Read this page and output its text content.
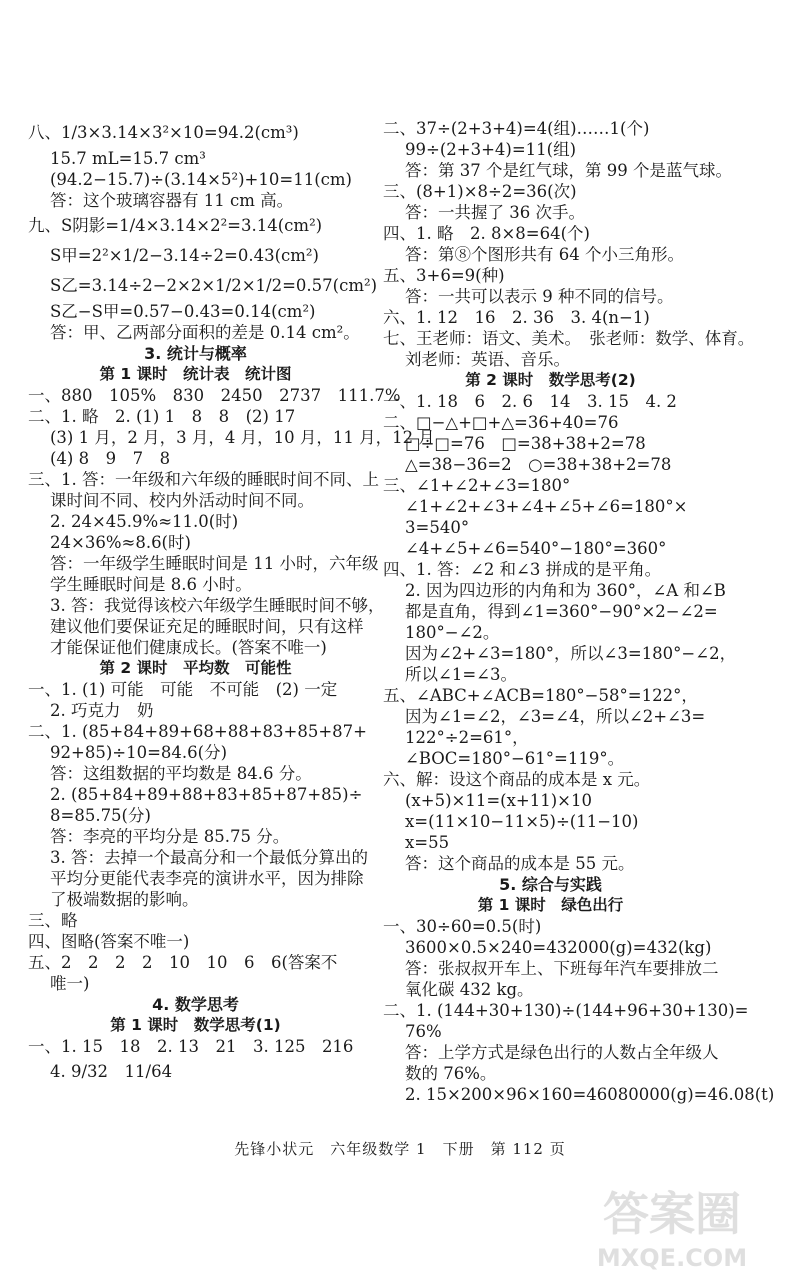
八、1/3×3.14×3²×10=94.2(cm³)
15.7 mL=15.7 cm³
(94.2−15.7)÷(3.14×5²)+10=11(cm)
答：这个玻璃容器有 11 cm 高。
九、S阴影=1/4×3.14×2²=3.14(cm²)
S甲=2²×1/2−3.14÷2=0.43(cm²)
S乙=3.14÷2−2×2×1/2×1/2=0.57(cm²)
S乙−S甲=0.57−0.43=0.14(cm²)
答：甲、乙两部分面积的差是 0.14 cm²。
3. 统计与概率
第 1 课时　统计表　统计图
一、880　105%　830　2450　2737　111.7%
二、1. 略　2. (1) 1　8　8　(2) 17
(3) 1 月，2 月，3 月，4 月，10 月，11 月，12 月
(4) 8　9　7　8
三、1. 答：一年级和六年级的睡眠时间不同、上
课时间不同、校内外活动时间不同。
2. 24×45.9%≈11.0(时)
24×36%≈8.6(时)
答：一年级学生睡眠时间是 11 小时，六年级
学生睡眠时间是 8.6 小时。
3. 答：我觉得该校六年级学生睡眠时间不够，
建议他们要保证充足的睡眠时间，只有这样
才能保证他们健康成长。(答案不唯一)
第 2 课时　平均数　可能性
一、1. (1) 可能　可能　不可能　(2) 一定
2. 巧克力　奶
二、1. (85+84+89+68+88+83+85+87+
92+85)÷10=84.6(分)
答：这组数据的平均数是 84.6 分。
2. (85+84+89+88+83+85+87+85)÷
8=85.75(分)
答：李亮的平均分是 85.75 分。
3. 答：去掉一个最高分和一个最低分算出的
平均分更能代表李亮的演讲水平，因为排除
了极端数据的影响。
三、略
四、图略(答案不唯一)
五、2　2　2　2　10　10　6　6(答案不
唯一)
4. 数学思考
第 1 课时　数学思考(1)
一、1. 15　18　2. 13　21　3. 125　216
4. 9/32　11/64
二、37÷(2+3+4)=4(组)……1(个)
99÷(2+3+4)=11(组)
答：第 37 个是红气球，第 99 个是蓝气球。
三、(8+1)×8÷2=36(次)
答：一共握了 36 次手。
四、1. 略　2. 8×8=64(个)
答：第⑧个图形共有 64 个小三角形。
五、3+6=9(种)
答：一共可以表示 9 种不同的信号。
六、1. 12　16　2. 36　3. 4(n−1)
七、王老师：语文、美术。　张老师：数学、体育。
刘老师：英语、音乐。
第 2 课时　数学思考(2)
一、1. 18　6　2. 6　14　3. 15　4. 2
二、□−△+□+△=36+40=76
□÷□=76　□=38+38+2=78
△=38−36=2　○=38+38+2=78
三、∠1+∠2+∠3=180°
∠1+∠2+∠3+∠4+∠5+∠6=180°×
3=540°
∠4+∠5+∠6=540°−180°=360°
四、1. 答：∠2 和∠3 拼成的是平角。
2. 因为四边形的内角和为 360°，∠A 和∠B
都是直角，得到∠1=360°−90°×2−∠2=
180°−∠2。
因为∠2+∠3=180°，所以∠3=180°−∠2，
所以∠1=∠3。
五、∠ABC+∠ACB=180°−58°=122°，
因为∠1=∠2，∠3=∠4，所以∠2+∠3=
122°÷2=61°，
∠BOC=180°−61°=119°。
六、解：设这个商品的成本是 x 元。
(x+5)×11=(x+11)×10
x=(11×10−11×5)÷(11−10)
x=55
答：这个商品的成本是 55 元。
5. 综合与实践
第 1 课时　绿色出行
一、30÷60=0.5(时)
3600×0.5×240=432000(g)=432(kg)
答：张叔叔开车上、下班每年汽车要排放二
氧化碳 432 kg。
二、1. (144+30+130)÷(144+96+30+130)=
76%
答：上学方式是绿色出行的人数占全年级人
数的 76%。
2. 15×200×96×160=46080000(g)=46.08(t)
先锋小状元　六年级数学 1　下册　第 112 页
答案圈
MXQE.COM
